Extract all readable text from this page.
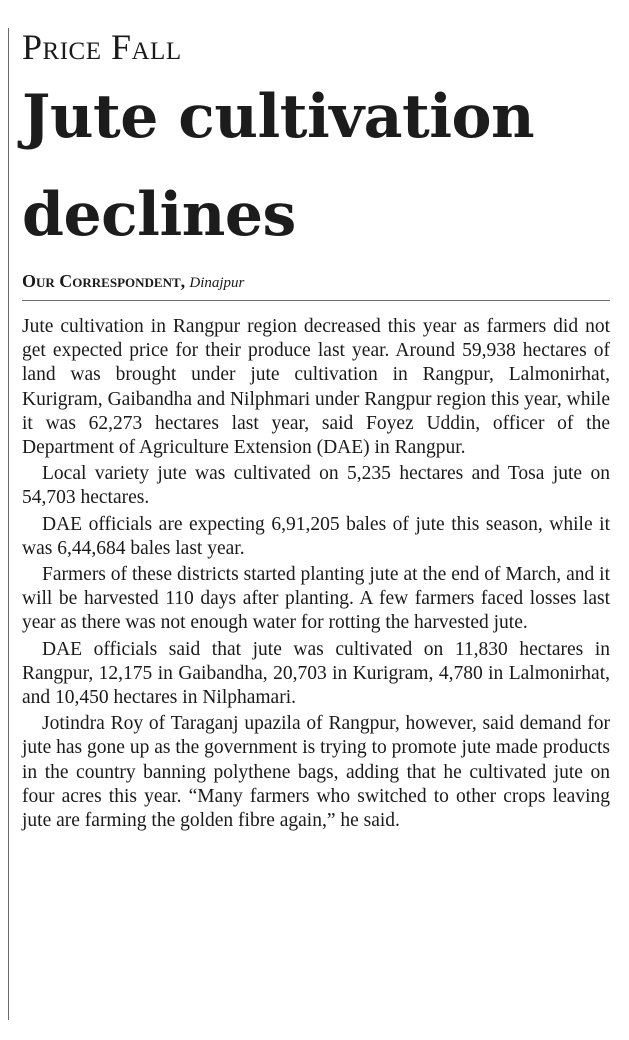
Price Fall
Jute cultivation
declines
Our Correspondent, Dinajpur

Jute cultivation in Rangpur region decreased this year as farmers did not get expected price for their produce last year. Around 59,938 hectares of land was brought under jute cultivation in Rangpur, Lalmonirhat, Kurigram, Gaibandha and Nilphmari under Rangpur region this year, while it was 62,273 hectares last year, said Foyez Uddin, officer of the Department of Agriculture Extension (DAE) in Rangpur.

Local variety jute was cultivated on 5,235 hectares and Tosa jute on 54,703 hectares.

DAE officials are expecting 6,91,205 bales of jute this season, while it was 6,44,684 bales last year.

Farmers of these districts started planting jute at the end of March, and it will be harvested 110 days after planting. A few farmers faced losses last year as there was not enough water for rotting the harvested jute.

DAE officials said that jute was cultivated on 11,830 hectares in Rangpur, 12,175 in Gaibandha, 20,703 in Kurigram, 4,780 in Lalmonirhat, and 10,450 hectares in Nilphamari.

Jotindra Roy of Taraganj upazila of Rangpur, however, said demand for jute has gone up as the government is trying to promote jute made products in the country banning polythene bags, adding that he cultivated jute on four acres this year. “Many farmers who switched to other crops leaving jute are farming the golden fibre again,” he said.
